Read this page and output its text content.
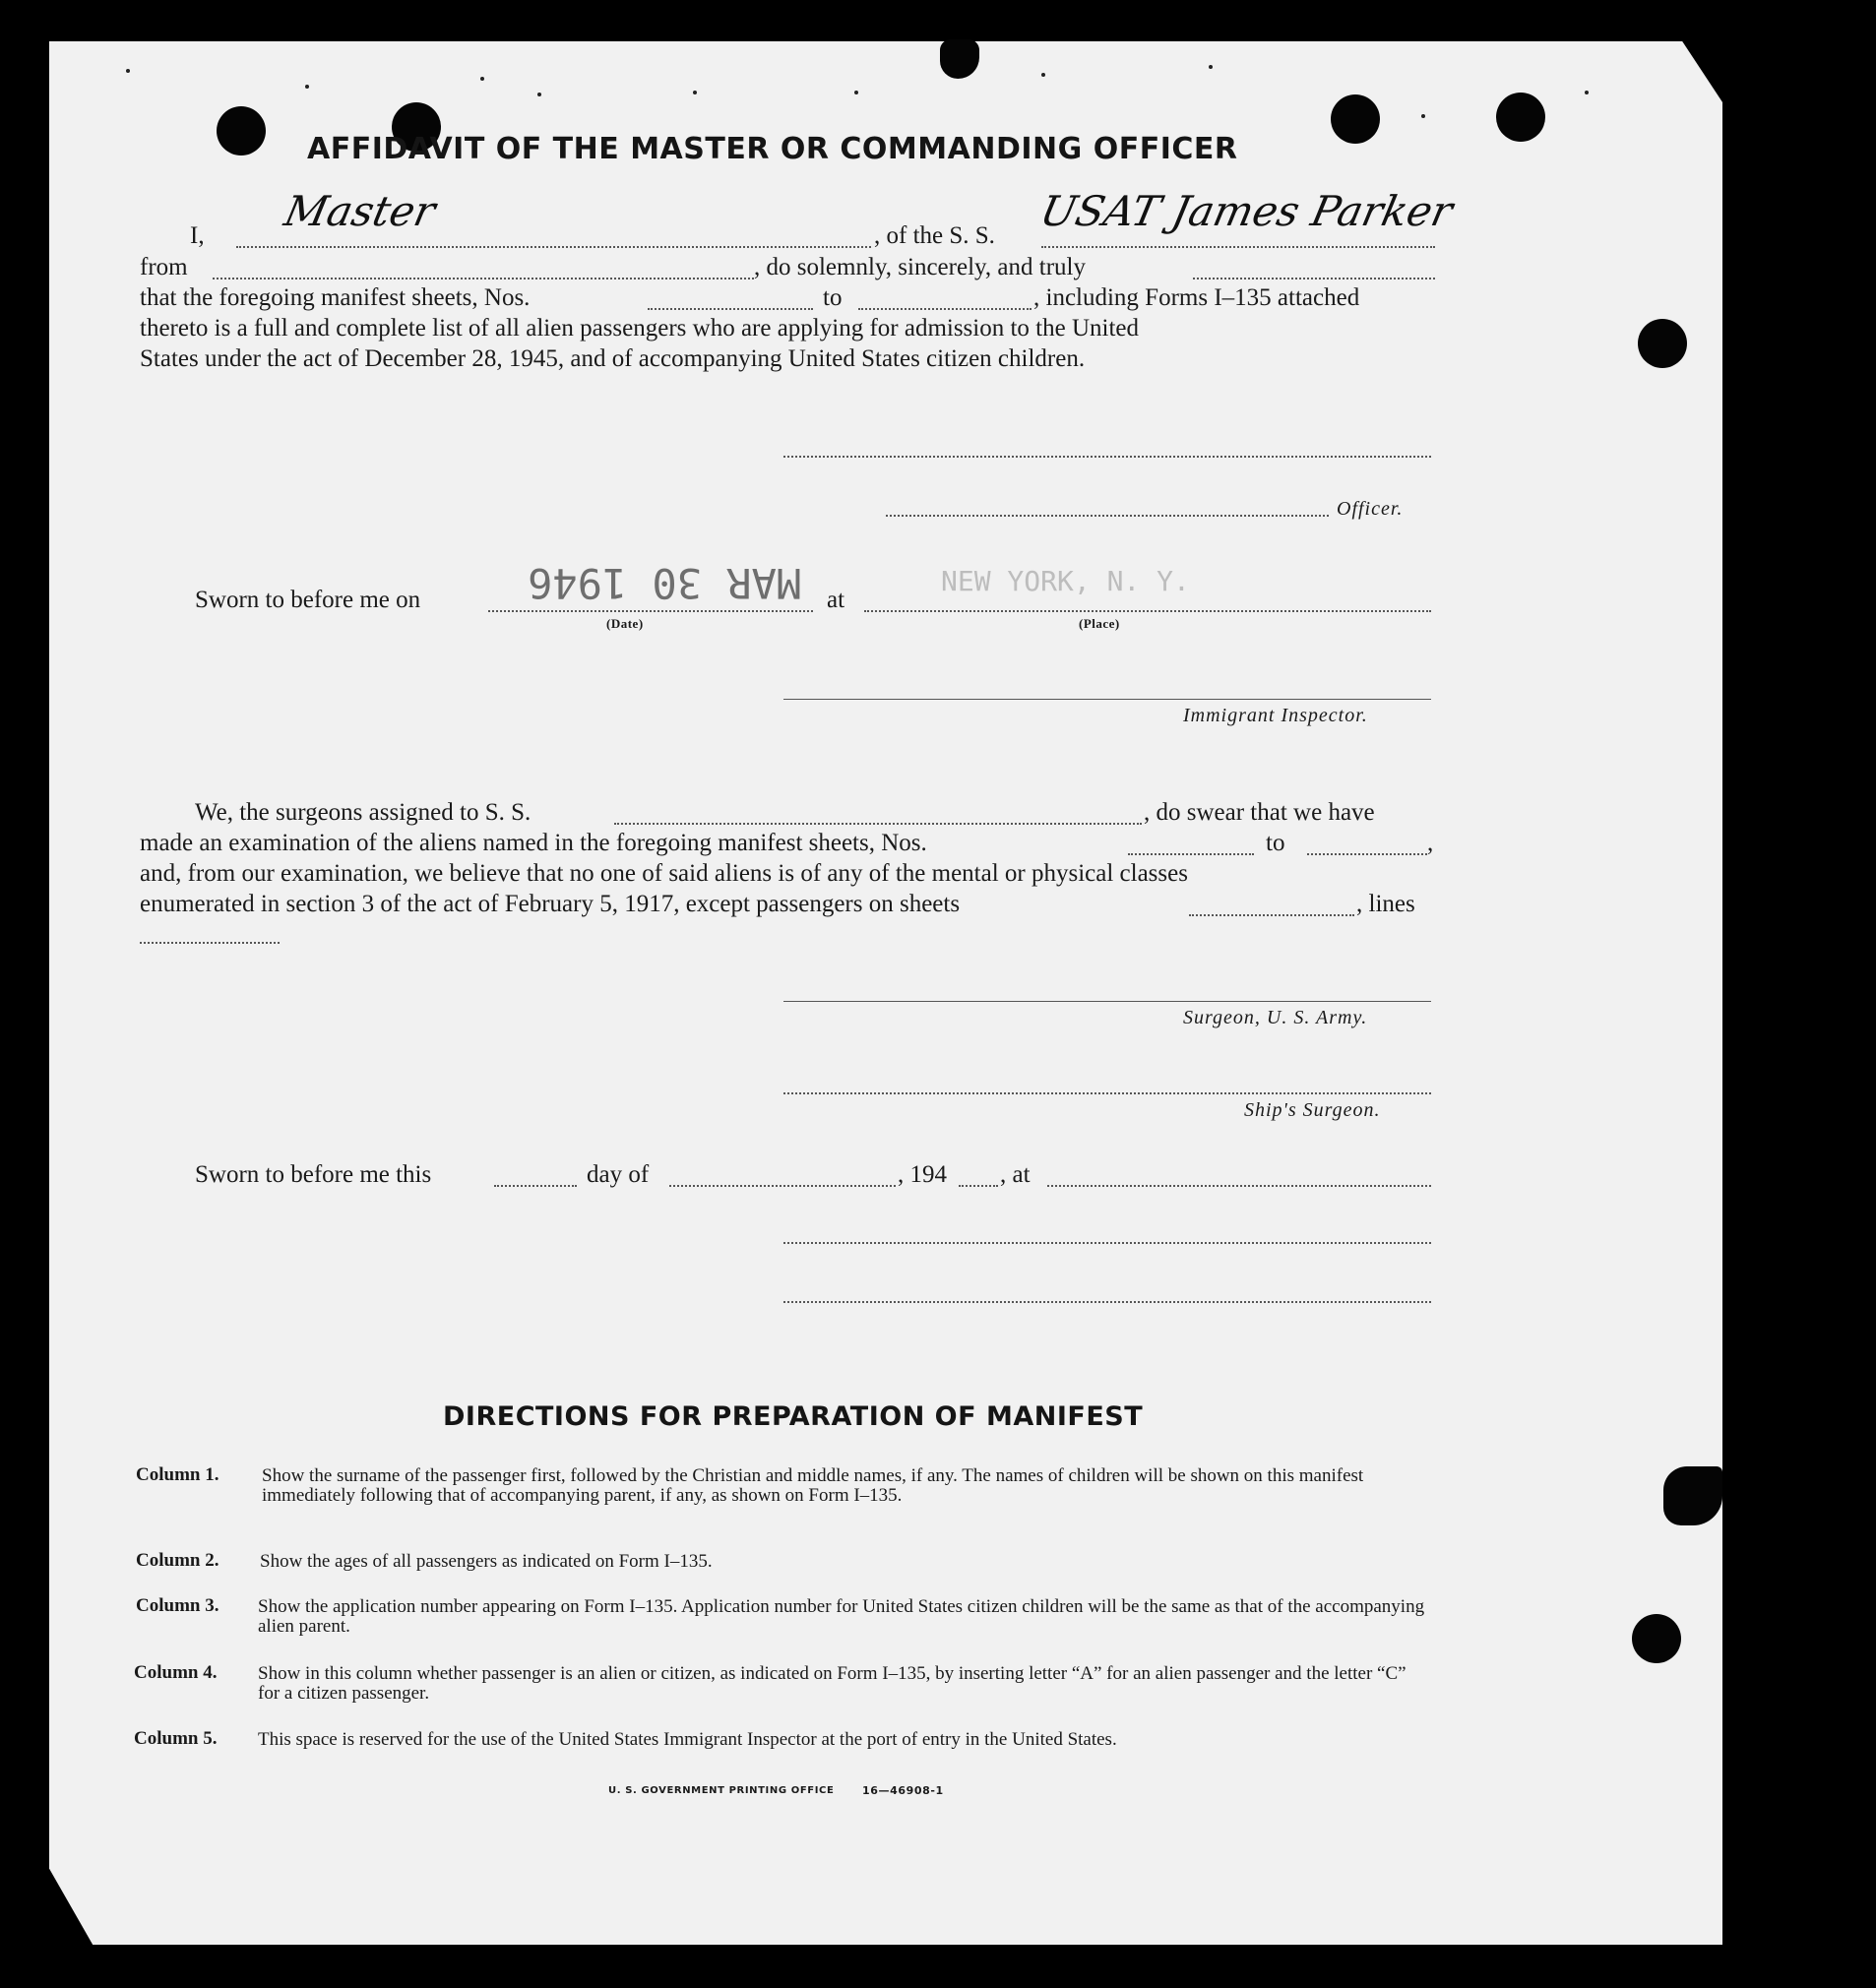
AFFIDAVIT OF THE MASTER OR COMMANDING OFFICER
I,
Master
, of the S. S.
USAT James Parker
from	, do solemnly, sincerely, and truly
that the foregoing manifest sheets, Nos.	to	, including Forms I–135 attached
thereto is a full and complete list of all alien passengers who are applying for admission to the United
States under the act of December 28, 1945, and of accompanying United States citizen children.
Officer.
Sworn to before me on	MAR 30 1946 at
NEW YORK, N. Y.
(Date)	(Place)
Immigrant Inspector.
We, the surgeons assigned to S. S.	, do swear that we have
made an examination of the aliens named in the foregoing manifest sheets, Nos.	to	,
and, from our examination, we believe that no one of said aliens is of any of the mental or physical classes
enumerated in section 3 of the act of February 5, 1917, except passengers on sheets	, lines
Surgeon, U. S. Army.
Ship's Surgeon.
Sworn to before me this	day of	, 194 , at
DIRECTIONS FOR PREPARATION OF MANIFEST
Column 1. Show the surname of the passenger first, followed by the Christian and middle names, if any. The names of children will be shown on this manifest immediately following that of accompanying parent, if any, as shown on Form I–135.
Column 2. Show the ages of all passengers as indicated on Form I–135.
Column 3. Show the application number appearing on Form I–135. Application number for United States citizen children will be the same as that of the accompanying alien parent.
Column 4. Show in this column whether passenger is an alien or citizen, as indicated on Form I–135, by inserting letter “A” for an alien passenger and the letter “C” for a citizen passenger.
Column 5. This space is reserved for the use of the United States Immigrant Inspector at the port of entry in the United States.
U. S. GOVERNMENT PRINTING OFFICE	16—46908-1
